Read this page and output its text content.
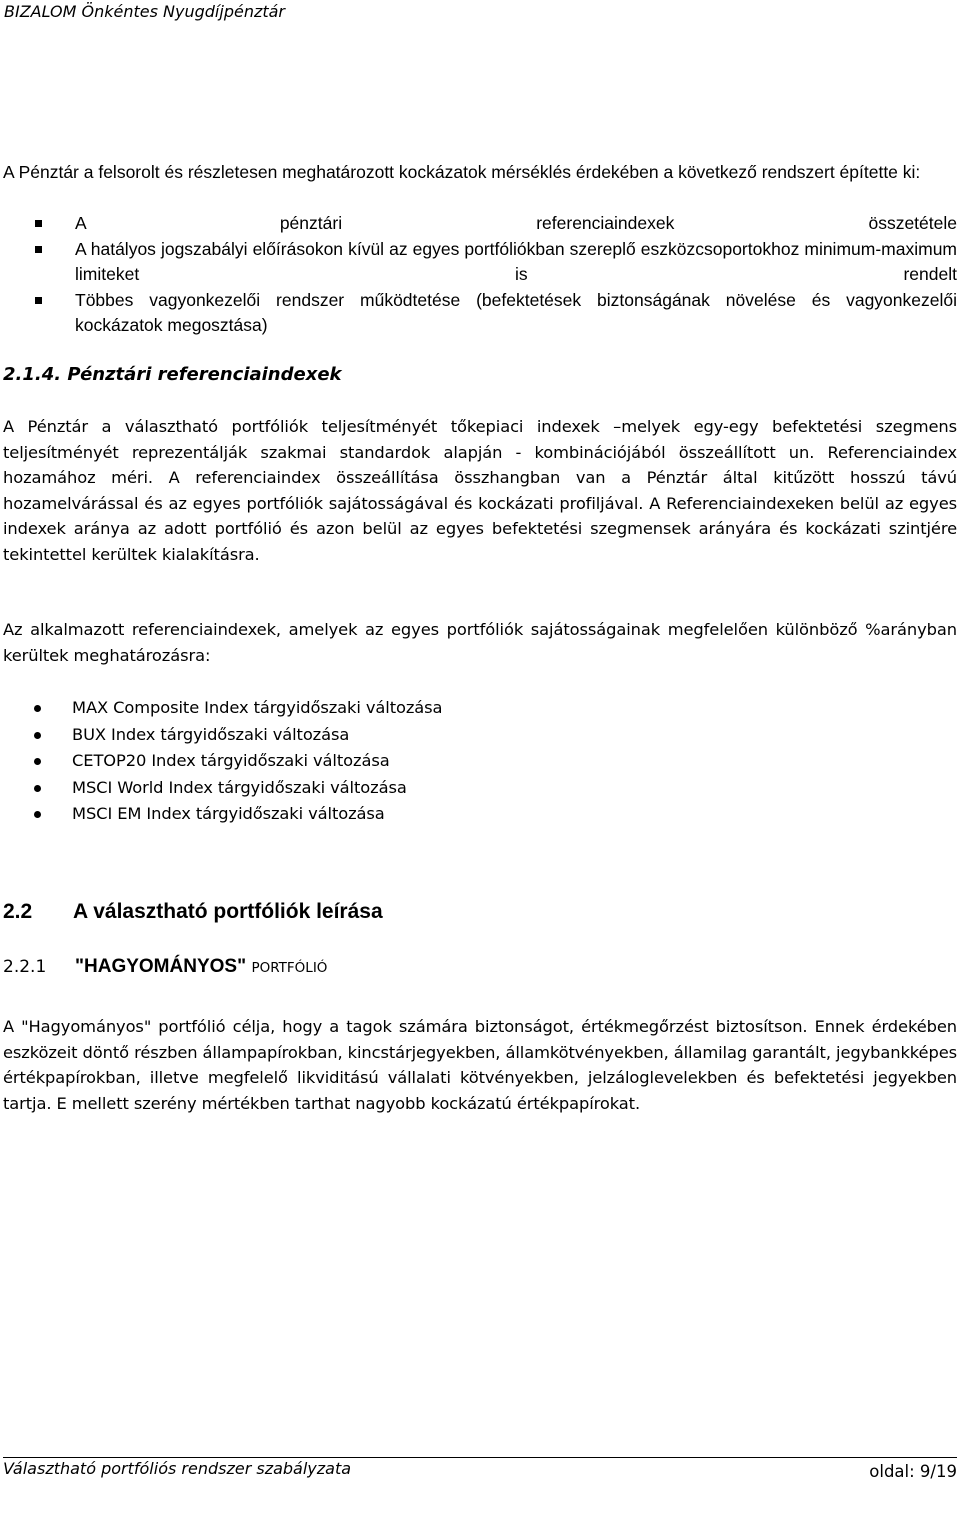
BIZALOM Önkéntes Nyugdíjpénztár
A Pénztár a felsorolt és részletesen meghatározott kockázatok mérséklés érdekében a következő rendszert építette ki:
A pénztári referenciaindexek összetétele
A hatályos jogszabályi előírásokon kívül az egyes portfóliókban szereplő eszközcsoportokhoz minimum-maximum limiteket is rendelt
Többes vagyonkezelői rendszer működtetése (befektetések biztonságának növelése és vagyonkezelői kockázatok megosztása)
2.1.4. Pénztári referenciaindexek
A Pénztár a választható portfóliók teljesítményét tőkepiaci indexek –melyek egy-egy befektetési szegmens teljesítményét reprezentálják szakmai standardok alapján - kombinációjából összeállított un. Referenciaindex hozamához méri. A referenciaindex összeállítása összhangban van a Pénztár által kitűzött hosszú távú hozamelvárással és az egyes portfóliók sajátosságával és kockázati profiljával. A Referenciaindexeken belül az egyes indexek aránya az adott portfólió és azon belül az egyes befektetési szegmensek arányára és kockázati szintjére tekintettel kerültek kialakításra.
Az alkalmazott referenciaindexek, amelyek az egyes portfóliók sajátosságainak megfelelően különböző %arányban kerültek meghatározásra:
MAX Composite Index tárgyidőszaki változása
BUX Index tárgyidőszaki változása
CETOP20 Index tárgyidőszaki változása
MSCI World Index tárgyidőszaki változása
MSCI EM Index tárgyidőszaki változása
2.2 A választható portfóliók leírása
2.2.1 "HAGYOMÁNYOS" PORTFÓLIÓ
A "Hagyományos" portfólió célja, hogy a tagok számára biztonságot, értékmegőrzést biztosítson. Ennek érdekében eszközeit döntő részben állampapírokban, kincstárjegyekben, államkötvényekben, államilag garantált, jegybankképes értékpapírokban, illetve megfelelő likviditású vállalati kötvényekben, jelzáloglevelekben és befektetési jegyekben tartja. E mellett szerény mértékben tarthat nagyobb kockázatú értékpapírokat.
Választható portfóliós rendszer szabályzata	oldal: 9/19
